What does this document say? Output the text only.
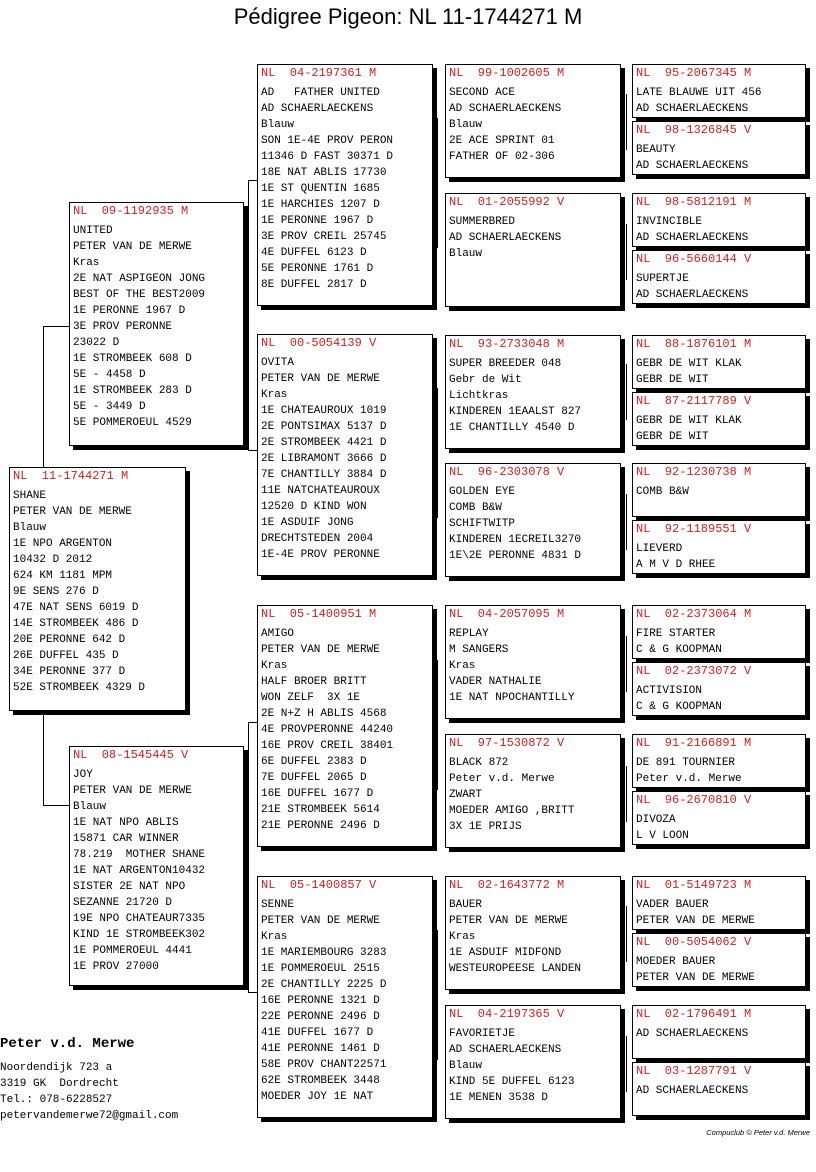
Pédigree Pigeon: NL 11-1744271 M
NL  11-1744271 M
SHANE
PETER VAN DE MERWE
Blauw
1E NPO ARGENTON
10432 D 2012
624 KM 1181 MPM
9E SENS 276 D
47E NAT SENS 6019 D
14E STROMBEEK 486 D
20E PERONNE 642 D
26E DUFFEL 435 D
34E PERONNE 377 D
52E STROMBEEK 4329 D
NL  09-1192935 M
UNITED
PETER VAN DE MERWE
Kras
2E NAT ASPIGEON JONG
BEST OF THE BEST2009
1E PERONNE 1967 D
3E PROV PERONNE
23022 D
1E STROMBEEK 608 D
5E - 4458 D
1E STROMBEEK 283 D
5E - 3449 D
5E POMMEROEUL 4529
NL  08-1545445 V
JOY
PETER VAN DE MERWE
Blauw
1E NAT NPO ABLIS
15871 CAR WINNER
78.219  MOTHER SHANE
1E NAT ARGENTON10432
SISTER 2E NAT NPO
SEZANNE 21720 D
19E NPO CHATEAUR7335
KIND 1E STROMBEEK302
1E POMMEROEUL 4441
1E PROV 27000
NL  04-2197361 M
AD   FATHER UNITED
AD SCHAERLAECKENS
Blauw
SON 1E-4E PROV PERON
11346 D FAST 30371 D
18E NAT ABLIS 17730
1E ST QUENTIN 1685
1E HARCHIES 1207 D
1E PERONNE 1967 D
3E PROV CREIL 25745
4E DUFFEL 6123 D
5E PERONNE 1761 D
8E DUFFEL 2817 D
NL  00-5054139 V
OVITA
PETER VAN DE MERWE
Kras
1E CHATEAUROUX 1019
2E PONTSIMAX 5137 D
2E STROMBEEK 4421 D
2E LIBRAMONT 3666 D
7E CHANTILLY 3884 D
11E NATCHATEAUROUX
12520 D KIND WON
1E ASDUIF JONG
DRECHTSTEDEN 2004
1E-4E PROV PERONNE
NL  05-1400951 M
AMIGO
PETER VAN DE MERWE
Kras
HALF BROER BRITT
WON ZELF  3X 1E
2E N+Z H ABLIS 4568
4E PROVPERONNE 44240
16E PROV CREIL 38401
6E DUFFEL 2383 D
7E DUFFEL 2065 D
16E DUFFEL 1677 D
21E STROMBEEK 5614
21E PERONNE 2496 D
NL  05-1400857 V
SENNE
PETER VAN DE MERWE
Kras
1E MARIEMBOURG 3283
1E POMMEROEUL 2515
2E CHANTILLY 2225 D
16E PERONNE 1321 D
22E PERONNE 2496 D
41E DUFFEL 1677 D
41E PERONNE 1461 D
58E PROV CHANT22571
62E STROMBEEK 3448
MOEDER JOY 1E NAT
NL  99-1002605 M
SECOND ACE
AD SCHAERLAECKENS
Blauw
2E ACE SPRINT 01
FATHER OF 02-306
NL  01-2055992 V
SUMMERBRED
AD SCHAERLAECKENS
Blauw
NL  93-2733048 M
SUPER BREEDER 048
Gebr de Wit
Lichtkras
KINDEREN 1EAALST 827
1E CHANTILLY 4540 D
NL  96-2303078 V
GOLDEN EYE
COMB B&W
SCHIFTWITP
KINDEREN 1ECREIL3270
1E\2E PERONNE 4831 D
NL  04-2057095 M
REPLAY
M SANGERS
Kras
VADER NATHALIE
1E NAT NPOCHANTILLY
NL  97-1530872 V
BLACK 872
Peter v.d. Merwe
ZWART
MOEDER AMIGO ,BRITT
3X 1E PRIJS
NL  02-1643772 M
BAUER
PETER VAN DE MERWE
Kras
1E ASDUIF MIDFOND
WESTEUROPEESE LANDEN
NL  04-2197365 V
FAVORIETJE
AD SCHAERLAECKENS
Blauw
KIND 5E DUFFEL 6123
1E MENEN 3538 D
NL  95-2067345 M
LATE BLAUWE UIT 456
AD SCHAERLAECKENS
NL  98-1326845 V
BEAUTY
AD SCHAERLAECKENS
NL  98-5812191 M
INVINCIBLE
AD SCHAERLAECKENS
NL  96-5660144 V
SUPERTJE
AD SCHAERLAECKENS
NL  88-1876101 M
GEBR DE WIT KLAK
GEBR DE WIT
NL  87-2117789 V
GEBR DE WIT KLAK
GEBR DE WIT
NL  92-1230738 M
COMB B&W
NL  92-1189551 V
LIEVERD
A M V D RHEE
NL  02-2373064 M
FIRE STARTER
C & G KOOPMAN
NL  02-2373072 V
ACTIVISION
C & G KOOPMAN
NL  91-2166891 M
DE 891 TOURNIER
Peter v.d. Merwe
NL  96-2670810 V
DIVOZA
L V LOON
NL  01-5149723 M
VADER BAUER
PETER VAN DE MERWE
NL  00-5054062 V
MOEDER BAUER
PETER VAN DE MERWE
NL  02-1796491 M
AD SCHAERLAECKENS
NL  03-1287791 V
AD SCHAERLAECKENS
Peter v.d. Merwe
Noordendijk 723 a
3319 GK  Dordrecht
Tel.: 078-6228527
petervandemerwe72@gmail.com
Compuclub © Peter v.d. Merwe
